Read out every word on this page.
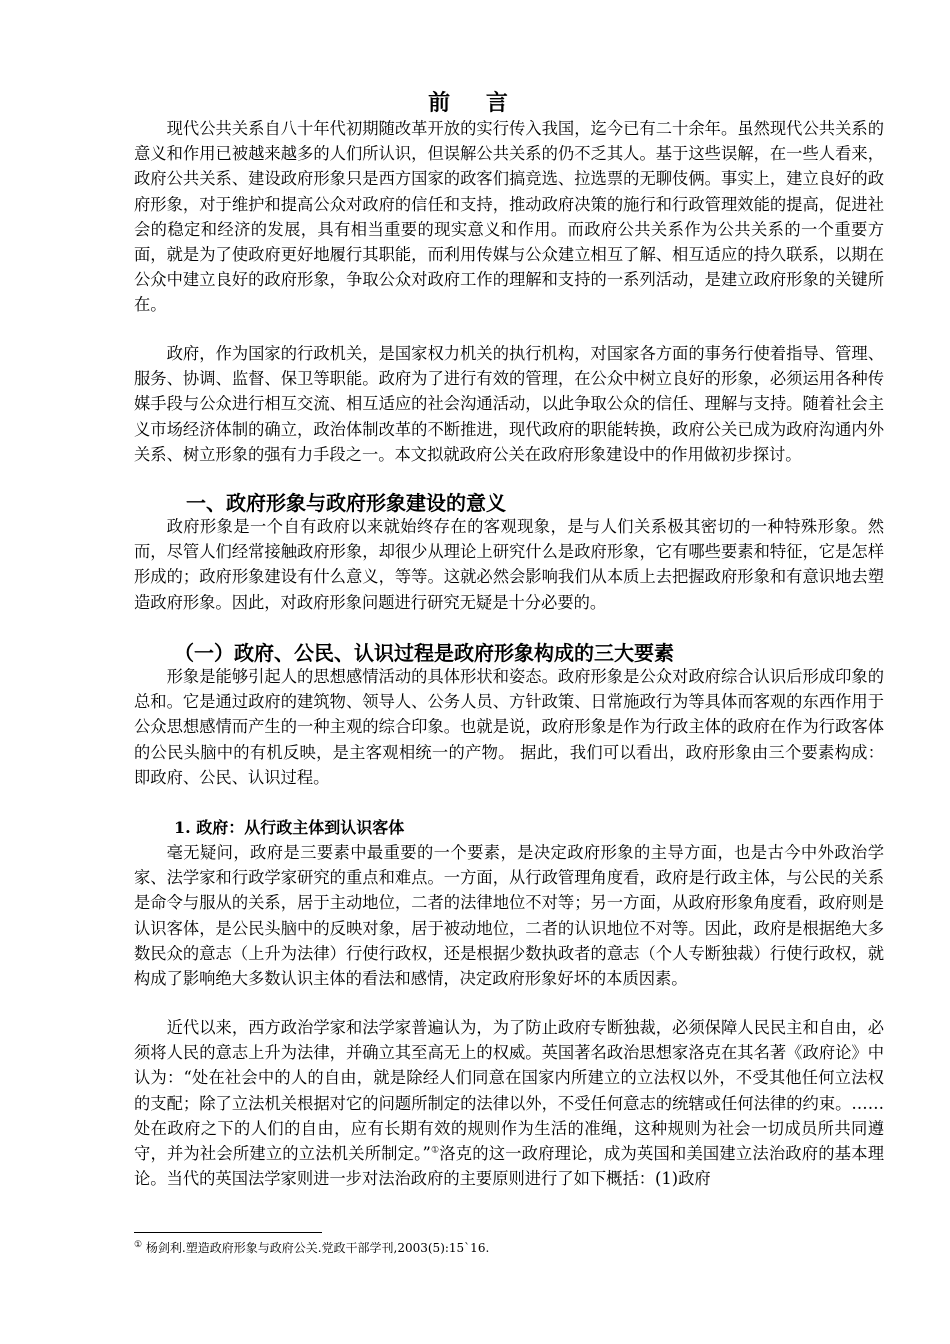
前 言
现代公共关系自八十年代初期随改革开放的实行传入我国，迄今已有二十余年。虽然现代公共关系的意义和作用已被越来越多的人们所认识，但误解公共关系的仍不乏其人。基于这些误解，在一些人看来，政府公共关系、建设政府形象只是西方国家的政客们搞竞选、拉选票的无聊伎俩。事实上，建立良好的政府形象，对于维护和提高公众对政府的信任和支持，推动政府决策的施行和行政管理效能的提高，促进社会的稳定和经济的发展，具有相当重要的现实意义和作用。而政府公共关系作为公共关系的一个重要方面，就是为了使政府更好地履行其职能，而利用传媒与公众建立相互了解、相互适应的持久联系，以期在公众中建立良好的政府形象，争取公众对政府工作的理解和支持的一系列活动，是建立政府形象的关键所在。
政府，作为国家的行政机关，是国家权力机关的执行机构，对国家各方面的事务行使着指导、管理、服务、协调、监督、保卫等职能。政府为了进行有效的管理，在公众中树立良好的形象，必须运用各种传媒手段与公众进行相互交流、相互适应的社会沟通活动，以此争取公众的信任、理解与支持。随着社会主义市场经济体制的确立，政治体制改革的不断推进，现代政府的职能转换，政府公关已成为政府沟通内外关系、树立形象的强有力手段之一。本文拟就政府公关在政府形象建设中的作用做初步探讨。
一、政府形象与政府形象建设的意义
政府形象是一个自有政府以来就始终存在的客观现象，是与人们关系极其密切的一种特殊形象。然而，尽管人们经常接触政府形象，却很少从理论上研究什么是政府形象，它有哪些要素和特征，它是怎样形成的；政府形象建设有什么意义，等等。这就必然会影响我们从本质上去把握政府形象和有意识地去塑造政府形象。因此，对政府形象问题进行研究无疑是十分必要的。
（一）政府、公民、认识过程是政府形象构成的三大要素
形象是能够引起人的思想感情活动的具体形状和姿态。政府形象是公众对政府综合认识后形成印象的总和。它是通过政府的建筑物、领导人、公务人员、方针政策、日常施政行为等具体而客观的东西作用于公众思想感情而产生的一种主观的综合印象。也就是说，政府形象是作为行政主体的政府在作为行政客体的公民头脑中的有机反映，是主客观相统一的产物。 据此，我们可以看出，政府形象由三个要素构成：即政府、公民、认识过程。
1. 政府：从行政主体到认识客体
毫无疑问，政府是三要素中最重要的一个要素，是决定政府形象的主导方面，也是古今中外政治学家、法学家和行政学家研究的重点和难点。一方面，从行政管理角度看，政府是行政主体，与公民的关系是命令与服从的关系，居于主动地位，二者的法律地位不对等；另一方面，从政府形象角度看，政府则是认识客体，是公民头脑中的反映对象，居于被动地位，二者的认识地位不对等。因此，政府是根据绝大多数民众的意志（上升为法律）行使行政权，还是根据少数执政者的意志（个人专断独裁）行使行政权，就构成了影响绝大多数认识主体的看法和感情，决定政府形象好坏的本质因素。
近代以来，西方政治学家和法学家普遍认为，为了防止政府专断独裁，必须保障人民民主和自由，必须将人民的意志上升为法律，并确立其至高无上的权威。英国著名政治思想家洛克在其名著《政府论》中认为：“处在社会中的人的自由，就是除经人们同意在国家内所建立的立法权以外，不受其他任何立法权的支配；除了立法机关根据对它的问题所制定的法律以外，不受任何意志的统辖或任何法律的约束。……处在政府之下的人们的自由，应有长期有效的规则作为生活的准绳，这种规则为社会一切成员所共同遵守，并为社会所建立的立法机关所制定。”①洛克的这一政府理论，成为英国和美国建立法治政府的基本理论。当代的英国法学家则进一步对法治政府的主要原则进行了如下概括：(1)政府
① 杨剑利.塑造政府形象与政府公关.党政干部学刊,2003(5):15`16.
